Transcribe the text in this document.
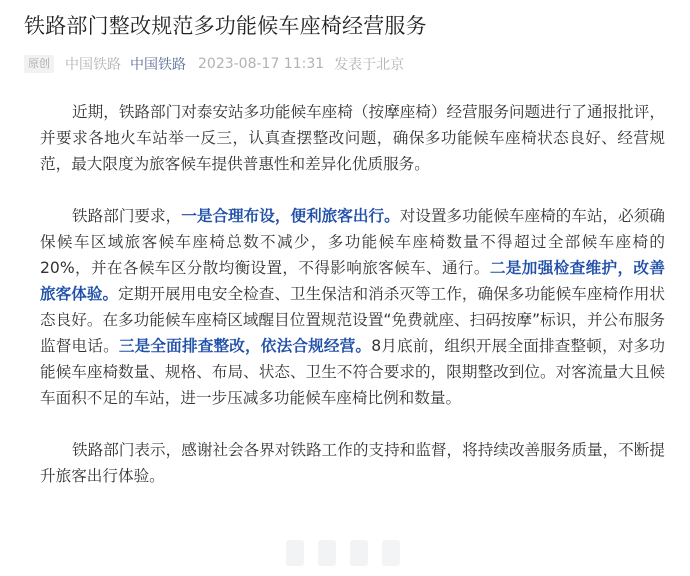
铁路部门整改规范多功能候车座椅经营服务
原创 中国铁路 中国铁路 2023-08-17 11:31 发表于北京

近期，铁路部门对泰安站多功能候车座椅（按摩座椅）经营服务问题进行了通报批评，并要求各地火车站举一反三，认真查摆整改问题，确保多功能候车座椅状态良好、经营规范，最大限度为旅客候车提供普惠性和差异化优质服务。

铁路部门要求，一是合理布设，便利旅客出行。对设置多功能候车座椅的车站，必须确保候车区域旅客候车座椅总数不减少，多功能候车座椅数量不得超过全部候车座椅的20%，并在各候车区分散均衡设置，不得影响旅客候车、通行。二是加强检查维护，改善旅客体验。定期开展用电安全检查、卫生保洁和消杀灭等工作，确保多功能候车座椅作用状态良好。在多功能候车座椅区域醒目位置规范设置“免费就座、扫码按摩”标识，并公布服务监督电话。三是全面排查整改，依法合规经营。8月底前，组织开展全面排查整顿，对多功能候车座椅数量、规格、布局、状态、卫生不符合要求的，限期整改到位。对客流量大且候车面积不足的车站，进一步压减多功能候车座椅比例和数量。

铁路部门表示，感谢社会各界对铁路工作的支持和监督，将持续改善服务质量，不断提升旅客出行体验。
